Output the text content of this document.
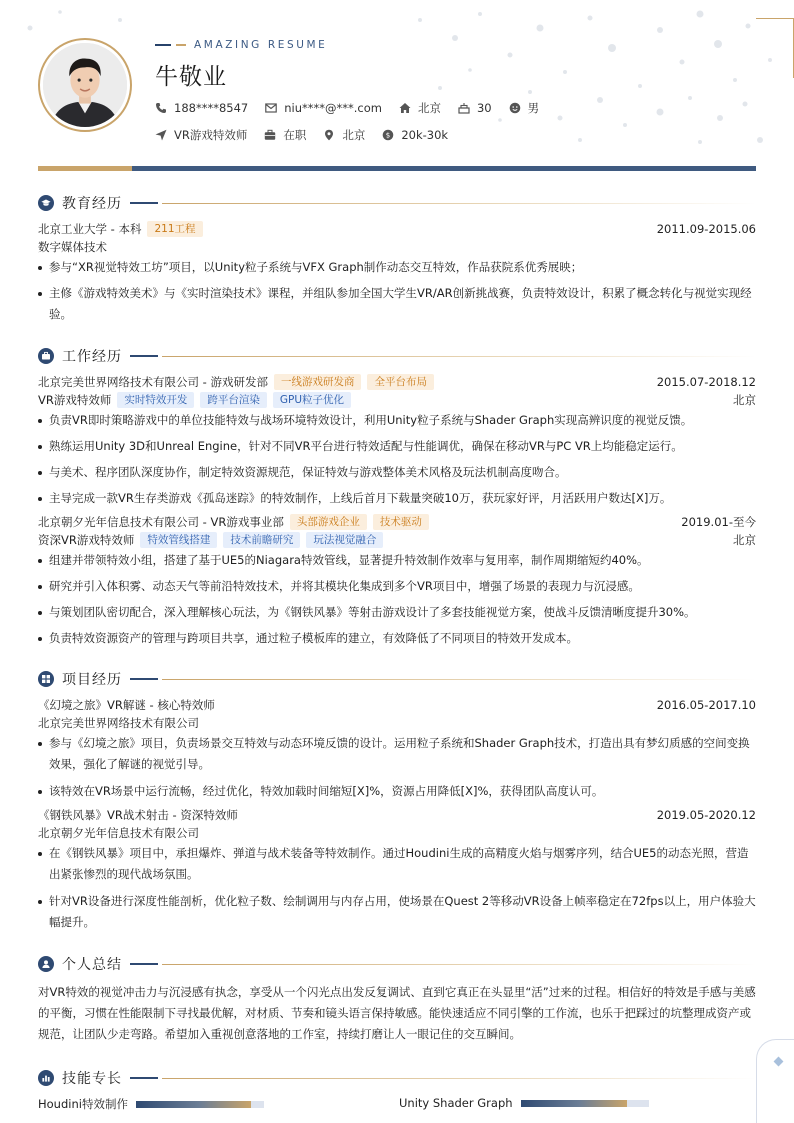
AMAZING RESUME
牛敬业
188****8547	niu****@***.com	北京	30	男
VR游戏特效师	在职	北京	$ 20k-30k
教育经历
北京工业大学 - 本科	211工程	2011.09-2015.06
数字媒体技术
参与“XR视觉特效工坊”项目，以Unity粒子系统与VFX Graph制作动态交互特效，作品获院系优秀展映；
主修《游戏特效美术》与《实时渲染技术》课程，并组队参加全国大学生VR/AR创新挑战赛，负责特效设计，积累了概念转化与视觉实现经验。
工作经历
北京完美世界网络技术有限公司 - 游戏研发部	一线游戏研发商	全平台布局	2015.07-2018.12
VR游戏特效师	实时特效开发	跨平台渲染	GPU粒子优化	北京
负责VR即时策略游戏中的单位技能特效与战场环境特效设计，利用Unity粒子系统与Shader Graph实现高辨识度的视觉反馈。
熟练运用Unity 3D和Unreal Engine，针对不同VR平台进行特效适配与性能调优，确保在移动VR与PC VR上均能稳定运行。
与美术、程序团队深度协作，制定特效资源规范，保证特效与游戏整体美术风格及玩法机制高度吻合。
主导完成一款VR生存类游戏《孤岛迷踪》的特效制作，上线后首月下载量突破10万，获玩家好评，月活跃用户数达[X]万。
北京朝夕光年信息技术有限公司 - VR游戏事业部	头部游戏企业	技术驱动	2019.01-至今
资深VR游戏特效师	特效管线搭建	技术前瞻研究	玩法视觉融合	北京
组建并带领特效小组，搭建了基于UE5的Niagara特效管线，显著提升特效制作效率与复用率，制作周期缩短约40%。
研究并引入体积雾、动态天气等前沿特效技术，并将其模块化集成到多个VR项目中，增强了场景的表现力与沉浸感。
与策划团队密切配合，深入理解核心玩法，为《钢铁风暴》等射击游戏设计了多套技能视觉方案，使战斗反馈清晰度提升30%。
负责特效资源资产的管理与跨项目共享，通过粒子模板库的建立，有效降低了不同项目的特效开发成本。
项目经历
《幻境之旅》VR解谜 - 核心特效师	2016.05-2017.10
北京完美世界网络技术有限公司
参与《幻境之旅》项目，负责场景交互特效与动态环境反馈的设计。运用粒子系统和Shader Graph技术，打造出具有梦幻质感的空间变换效果，强化了解谜的视觉引导。
该特效在VR场景中运行流畅，经过优化，特效加载时间缩短[X]%，资源占用降低[X]%，获得团队高度认可。
《钢铁风暴》VR战术射击 - 资深特效师	2019.05-2020.12
北京朝夕光年信息技术有限公司
在《钢铁风暴》项目中，承担爆炸、弹道与战术装备等特效制作。通过Houdini生成的高精度火焰与烟雾序列，结合UE5的动态光照，营造出紧张惨烈的现代战场氛围。
针对VR设备进行深度性能剖析，优化粒子数、绘制调用与内存占用，使场景在Quest 2等移动VR设备上帧率稳定在72fps以上，用户体验大幅提升。
个人总结
对VR特效的视觉冲击力与沉浸感有执念，享受从一个闪光点出发反复调试、直到它真正在头显里“活”过来的过程。相信好的特效是手感与美感的平衡，习惯在性能限制下寻找最优解，对材质、节奏和镜头语言保持敏感。能快速适应不同引擎的工作流，也乐于把踩过的坑整理成资产或规范，让团队少走弯路。希望加入重视创意落地的工作室，持续打磨让人一眼记住的交互瞬间。
技能专长
Houdini特效制作	Unity Shader Graph
